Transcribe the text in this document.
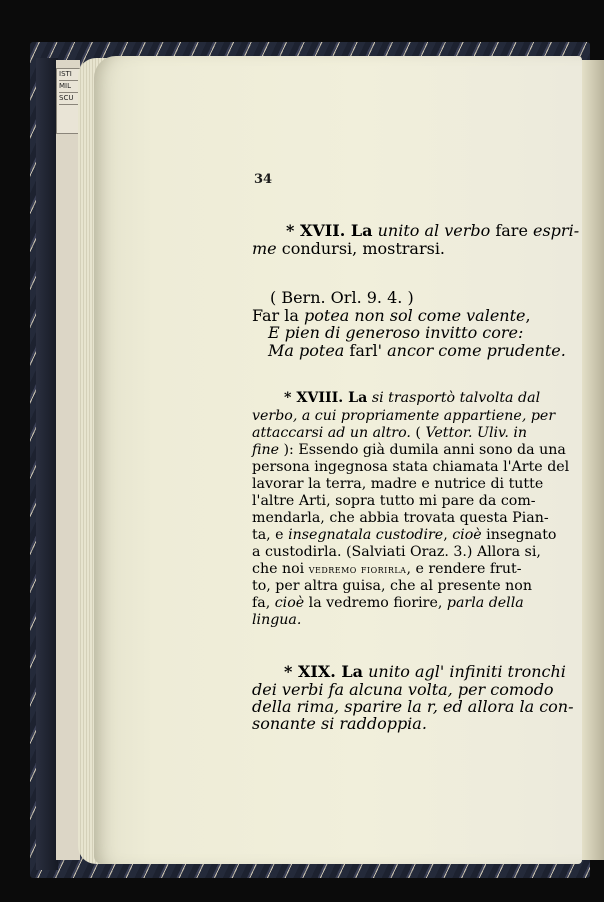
ISTI
MIL
SCU
34
* XVII. La unito al verbo fare espri-
me condursi, mostrarsi.
( Bern. Orl. 9. 4. )
Far la potea non sol come valente,
E pien di generoso invitto core:
Ma potea farl' ancor come prudente.
* XVIII. La si trasportò talvolta dal
verbo, a cui propriamente appartiene, per
attaccarsi ad un altro. ( Vettor. Uliv. in
fine ): Essendo già dumila anni sono da una
persona ingegnosa stata chiamata l'Arte del
lavorar la terra, madre e nutrice di tutte
l'altre Arti, sopra tutto mi pare da com-
mendarla, che abbia trovata questa Pian-
ta, e insegnatala custodire, cioè insegnato
a custodirla. (Salviati Oraz. 3.) Allora si,
che noi vedremo fiorirla, e rendere frut-
to, per altra guisa, che al presente non
fa, cioè la vedremo fiorire, parla della
lingua.
* XIX. La unito agl' infiniti tronchi
dei verbi fa alcuna volta, per comodo
della rima, sparire la r, ed allora la con-
sonante si raddoppia.
